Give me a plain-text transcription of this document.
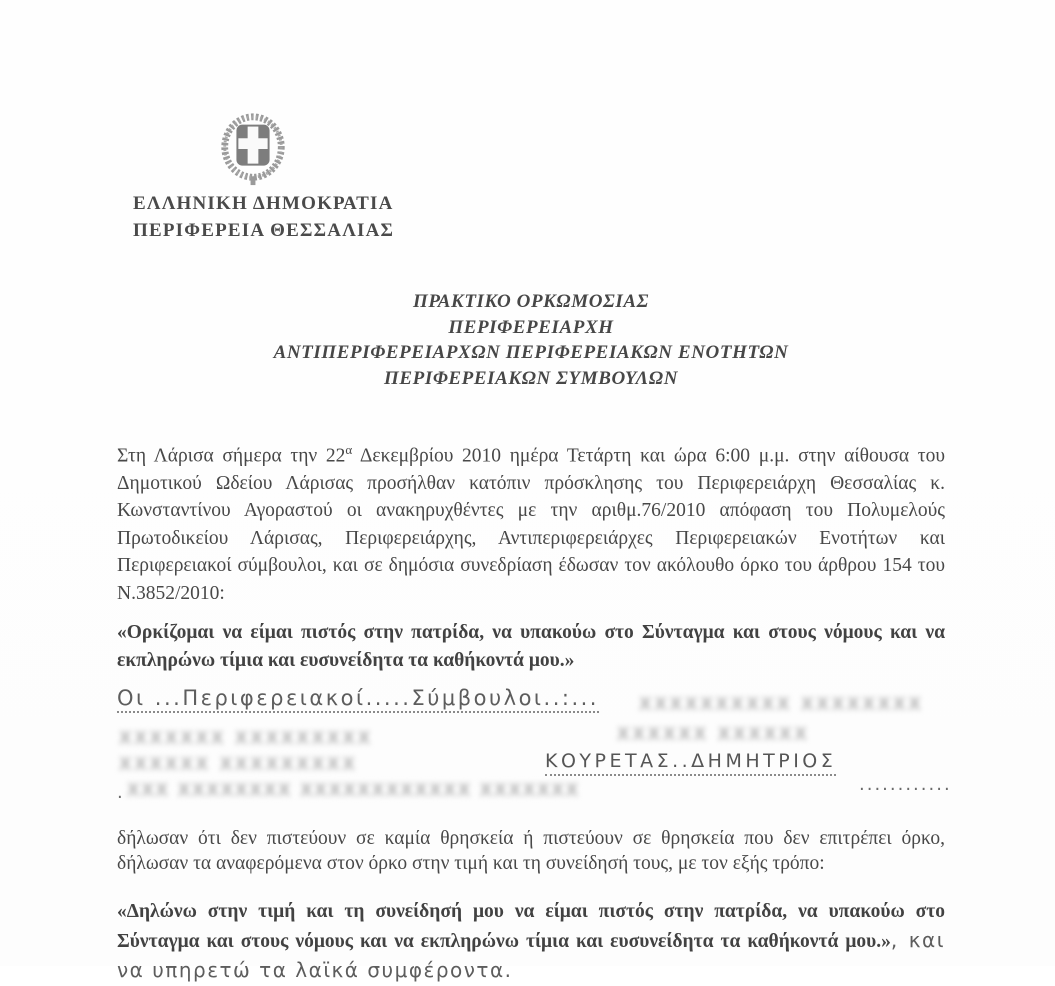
ΕΛΛΗΝΙΚΗ ΔΗΜΟΚΡΑΤΙΑ
ΠΕΡΙΦΕΡΕΙΑ ΘΕΣΣΑΛΙΑΣ
ΠΡΑΚΤΙΚΟ ΟΡΚΩΜΟΣΙΑΣ
ΠΕΡΙΦΕΡΕΙΑΡΧΗ
ΑΝΤΙΠΕΡΙΦΕΡΕΙΑΡΧΩΝ ΠΕΡΙΦΕΡΕΙΑΚΩΝ ΕΝΟΤΗΤΩΝ
ΠΕΡΙΦΕΡΕΙΑΚΩΝ ΣΥΜΒΟΥΛΩΝ

Στη Λάρισα σήμερα την $22^\alpha$ Δεκεμβρίου 2010 ημέρα Τετάρτη και ώρα 6:00 μ.μ. στην αίθουσα του Δημοτικού Ωδείου Λάρισας προσήλθαν κατόπιν πρόσκλησης του Περιφερειάρχη Θεσσαλίας κ. Κωνσταντίνου Αγοραστού οι ανακηρυχθέντες με την αριθμ.76/2010 απόφαση του Πολυμελούς Πρωτοδικείου Λάρισας, Περιφερειάρχης, Αντιπεριφερειάρχες Περιφερειακών Ενοτήτων και Περιφερειακοί σύμβουλοι, και σε δημόσια συνεδρίαση έδωσαν τον ακόλουθο όρκο του άρθρου 154 του Ν.3852/2010:

«Ορκίζομαι να είμαι πιστός στην πατρίδα, να υπακούω στο Σύνταγμα και στους νόμους και να εκπληρώνω τίμια και ευσυνείδητα τα καθήκοντά μου.»

Οι ...Περιφερειακοί.....Σύμβουλοι..:... ΧΧΧΧΧΧΧΧΧΧ ΧΧΧΧΧΧΧΧ
ΧΧΧΧΧΧΧ ΧΧΧΧΧΧΧΧΧ	ΧΧΧΧΧΧ ΧΧΧΧΧΧ
ΧΧΧΧΧΧ ΧΧΧΧΧΧΧΧΧ	ΚΟΥΡΕΤΑΣ..ΔΗΜΗΤΡΙΟΣ
ΧΧΧ ΧΧΧΧΧΧΧΧ ΧΧΧΧΧΧΧΧΧΧΧΧ ΧΧΧΧΧΧΧ	............
.

δήλωσαν ότι δεν πιστεύουν σε καμία θρησκεία ή πιστεύουν σε θρησκεία που δεν επιτρέπει όρκο, δήλωσαν τα αναφερόμενα στον όρκο στην τιμή και τη συνείδησή τους, με τον εξής τρόπο:

«Δηλώνω στην τιμή και τη συνείδησή μου να είμαι πιστός στην πατρίδα, να υπακούω στο Σύνταγμα και στους νόμους και να εκπληρώνω τίμια και ευσυνείδητα τα καθήκοντά μου.», και να υπηρετώ τα λαϊκά συμφέροντα.
